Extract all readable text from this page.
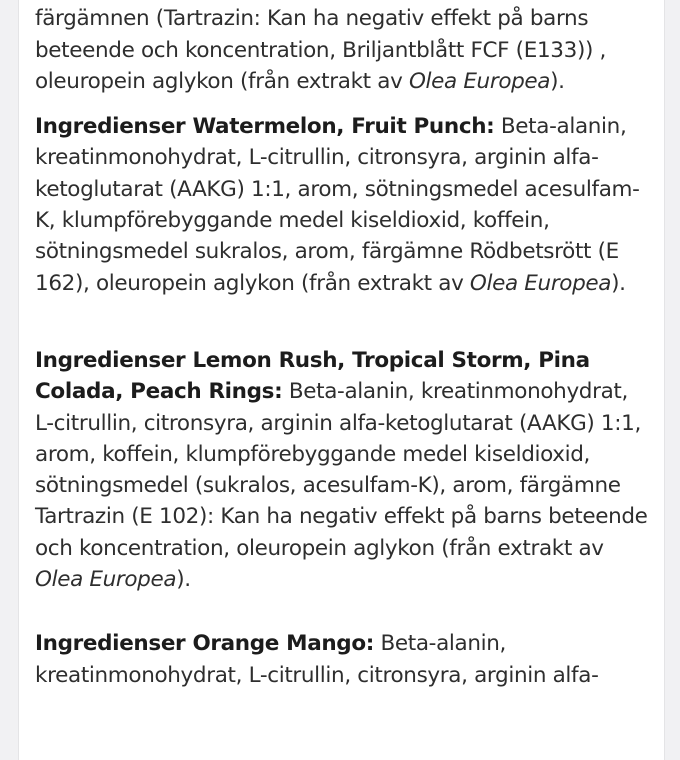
färgämnen (Tartrazin: Kan ha negativ effekt på barns beteende och koncentration, Briljantblått FCF (E133)) , oleuropein aglykon (från extrakt av Olea Europea).

Ingredienser Watermelon, Fruit Punch: Beta-alanin, kreatinmonohydrat, L-citrullin, citronsyra, arginin alfa-ketoglutarat (AAKG) 1:1, arom, sötningsmedel acesulfam-K, klumpförebyggande medel kiseldioxid, koffein, sötningsmedel sukralos, arom, färgämne Rödbetsrött (E 162), oleuropein aglykon (från extrakt av Olea Europea).

Ingredienser Lemon Rush, Tropical Storm, Pina Colada, Peach Rings: Beta-alanin, kreatinmonohydrat, L-citrullin, citronsyra, arginin alfa-ketoglutarat (AAKG) 1:1, arom, koffein, klumpförebyggande medel kiseldioxid, sötningsmedel (sukralos, acesulfam-K), arom, färgämne Tartrazin (E 102): Kan ha negativ effekt på barns beteende och koncentration, oleuropein aglykon (från extrakt av Olea Europea).

Ingredienser Orange Mango: Beta-alanin, kreatinmonohydrat, L-citrullin, citronsyra, arginin alfa-
